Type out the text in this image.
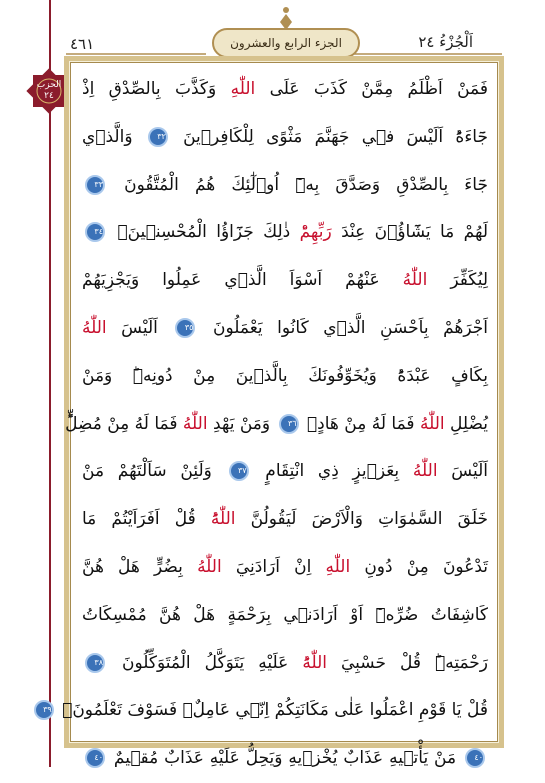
٤٦١	اَلْجُزْءُ ٢٤
الجزء الرابع والعشرون
الحزب
٢٤	فَمَنْ اَظْلَمُ مِمَّنْ كَذَبَ عَلَى اللّٰهِ وَكَذَّبَ بِالصِّدْقِ اِذْ
جَٓاءَهُؕ اَلَيْسَ ف۪ي جَهَنَّمَ مَثْوًى لِلْكَافِر۪ينَ ٣٢ وَالَّذ۪ي
جَٓاءَ بِالصِّدْقِ وَصَدَّقَ بِه۪ٓ اُو۬لٰٓئِكَ هُمُ الْمُتَّقُونَ ٣٣
لَهُمْ مَا يَشَٓاؤُ۫نَ عِنْدَ رَبِّهِمْؕ ذٰلِكَ جَزَٓاؤُا الْمُحْسِن۪ينَۚ ٣٤
لِيُكَفِّرَ اللّٰهُ عَنْهُمْ اَسْوَاَ الَّذ۪ي عَمِلُوا وَيَجْزِيَهُمْ
اَجْرَهُمْ بِاَحْسَنِ الَّذ۪ي كَانُوا يَعْمَلُونَ ٣٥ اَلَيْسَ اللّٰهُ
بِكَافٍ عَبْدَهُؕ وَيُخَوِّفُونَكَ بِالَّذ۪ينَ مِنْ دُونِه۪ؕ وَمَنْ
يُضْلِلِ اللّٰهُ فَمَا لَهُ مِنْ هَادٍۚ ٣٦ وَمَنْ يَهْدِ اللّٰهُ فَمَا لَهُ مِنْ مُضِلٍّؕ
اَلَيْسَ اللّٰهُ بِعَز۪يزٍ ذِي انْتِقَامٍ ٣٧ وَلَئِنْ سَاَلْتَهُمْ مَنْ
خَلَقَ السَّمٰوَاتِ وَالْاَرْضَ لَيَقُولُنَّ اللّٰهُؕ قُلْ اَفَرَاَيْتُمْ مَا
تَدْعُونَ مِنْ دُونِ اللّٰهِ اِنْ اَرَادَنِيَ اللّٰهُ بِضُرٍّ هَلْ هُنَّ
كَاشِفَاتُ ضُرِّه۪ٓ اَوْ اَرَادَن۪ي بِرَحْمَةٍ هَلْ هُنَّ مُمْسِكَاتُ
رَحْمَتِه۪ؕ قُلْ حَسْبِيَ اللّٰهُؕ عَلَيْهِ يَتَوَكَّلُ الْمُتَوَكِّلُونَ ٣٨
قُلْ يَا قَوْمِ اعْمَلُوا عَلٰى مَكَانَتِكُمْ اِنّ۪ي عَامِلٌۚ فَسَوْفَ تَعْلَمُونَۙ ٣٩
٤٠ مَنْ يَأْت۪يهِ عَذَابٌ يُخْز۪يهِ وَيَحِلُّ عَلَيْهِ عَذَابٌ مُق۪يمٌ ٤٠
